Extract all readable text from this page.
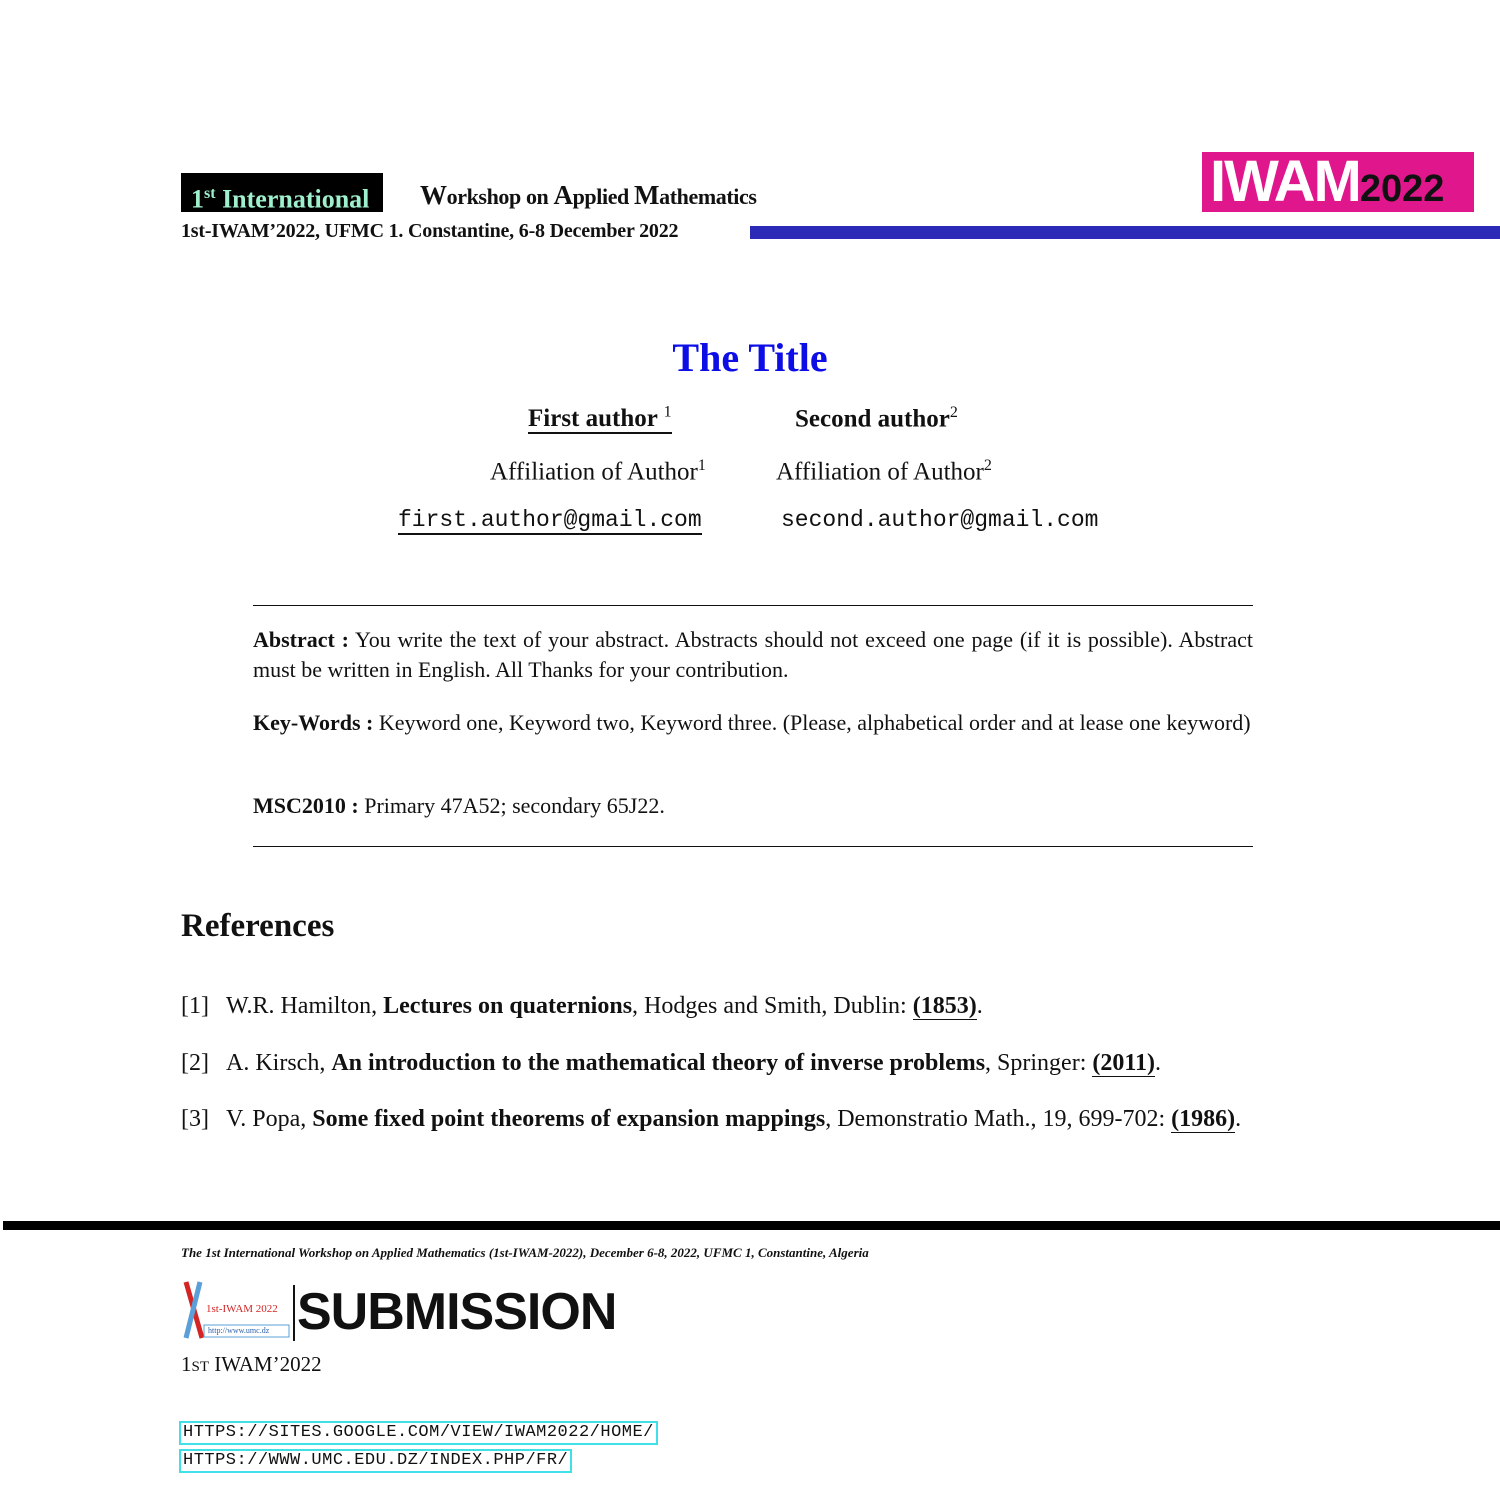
1st International	Workshop on Applied Mathematics
1st-IWAM’2022, UFMC 1. Constantine, 6-8 December 2022
IWAM2022
The Title
First author $^1$	Second author$^2$
Affiliation of Author$^1$	Affiliation of Author$^2$
first.author@gmail.com	second.author@gmail.com
Abstract : You write the text of your abstract. Abstracts should not exceed one page (if it is possible). Abstract must be written in English. All Thanks for your contribution.
Key-Words : Keyword one, Keyword two, Keyword three. (Please, alphabetical order and at lease one keyword)
MSC2010 : Primary 47A52; secondary 65J22.
References
[1] W.R. Hamilton, Lectures on quaternions, Hodges and Smith, Dublin: (1853).
[2] A. Kirsch, An introduction to the mathematical theory of inverse problems, Springer: (2011).
[3] V. Popa, Some fixed point theorems of expansion mappings, Demonstratio Math., 19, 699-702: (1986).
The 1st International Workshop on Applied Mathematics (1st-IWAM-2022), December 6-8, 2022, UFMC 1, Constantine, Algeria
1st-IWAM 2022
http://www.umc.dz SUBMISSION
1ST IWAM’2022
HTTPS://SITES.GOOGLE.COM/VIEW/IWAM2022/HOME/
HTTPS://WWW.UMC.EDU.DZ/INDEX.PHP/FR/
